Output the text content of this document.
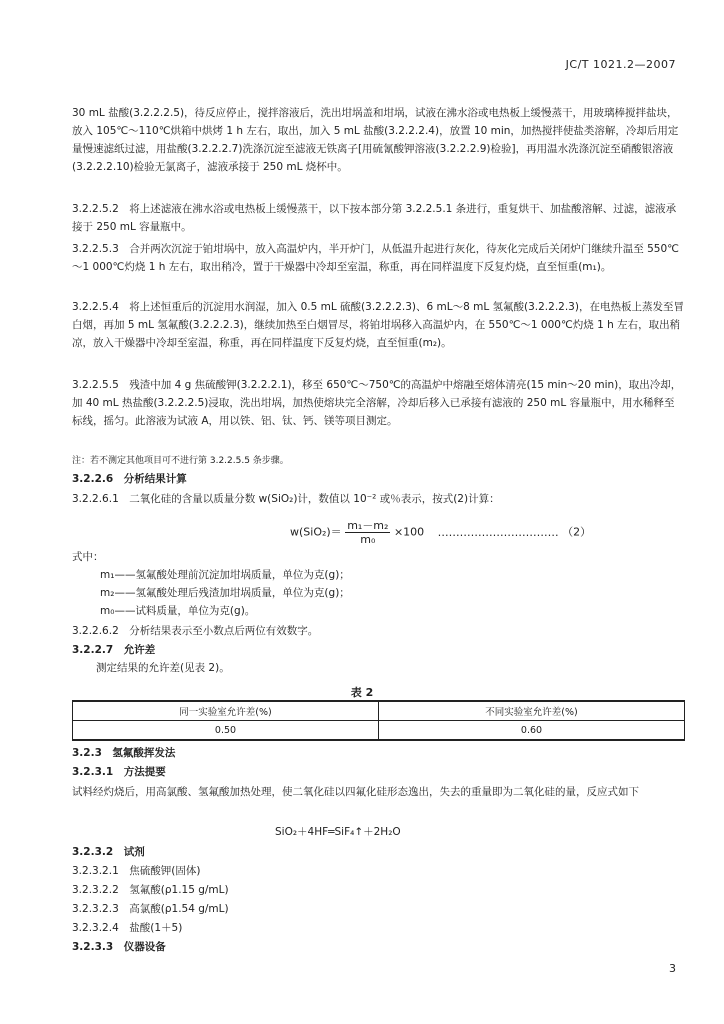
JC/T 1021.2—2007
30 mL 盐酸(3.2.2.2.5)，待反应停止，搅拌溶液后，洗出坩埚盖和坩埚，试液在沸水浴或电热板上缓慢蒸干，用玻璃棒搅拌盐块，放入 105℃～110℃烘箱中烘烤 1 h 左右，取出，加入 5 mL 盐酸(3.2.2.2.4)，放置 10 min，加热搅拌使盐类溶解，冷却后用定量慢速滤纸过滤，用盐酸(3.2.2.2.7)洗涤沉淀至滤液无铁离子[用硫氰酸钾溶液(3.2.2.2.9)检验]，再用温水洗涤沉淀至硝酸银溶液(3.2.2.2.10)检验无氯离子，滤液承接于 250 mL 烧杯中。
3.2.2.5.2　将上述滤液在沸水浴或电热板上缓慢蒸干，以下按本部分第 3.2.2.5.1 条进行，重复烘干、加盐酸溶解、过滤，滤液承接于 250 mL 容量瓶中。
3.2.2.5.3　合并两次沉淀于铂坩埚中，放入高温炉内，半开炉门，从低温升起进行灰化，待灰化完成后关闭炉门继续升温至 550℃～1 000℃灼烧 1 h 左右，取出稍冷，置于干燥器中冷却至室温，称重，再在同样温度下反复灼烧，直至恒重(m₁)。
3.2.2.5.4　将上述恒重后的沉淀用水润湿，加入 0.5 mL 硫酸(3.2.2.2.3)、6 mL～8 mL 氢氟酸(3.2.2.2.3)，在电热板上蒸发至冒白烟，再加 5 mL 氢氟酸(3.2.2.2.3)，继续加热至白烟冒尽，将铂坩埚移入高温炉内，在 550℃～1 000℃灼烧 1 h 左右，取出稍凉，放入干燥器中冷却至室温，称重，再在同样温度下反复灼烧，直至恒重(m₂)。
3.2.2.5.5　残渣中加 4 g 焦硫酸钾(3.2.2.2.1)，移至 650℃～750℃的高温炉中熔融至熔体清亮(15 min～20 min)，取出冷却，加 40 mL 热盐酸(3.2.2.2.5)浸取，洗出坩埚，加热使熔块完全溶解，冷却后移入已承接有滤液的 250 mL 容量瓶中，用水稀释至标线，摇匀。此溶液为试液 A，用以铁、铝、钛、钙、镁等项目测定。
注：若不测定其他项目可不进行第 3.2.2.5.5 条步骤。
3.2.2.6　分析结果计算
3.2.2.6.1　二氧化硅的含量以质量分数 w(SiO₂)计，数值以 10⁻² 或％表示，按式(2)计算：
$w(SiO_2)= \frac{\text{m₁－m₂}}{\text{m₀}} \times 100$ …………………………… （2）
式中：
m₁——氢氟酸处理前沉淀加坩埚质量，单位为克(g)；
m₂——氢氟酸处理后残渣加坩埚质量，单位为克(g)；
m₀——试料质量，单位为克(g)。
3.2.2.6.2　分析结果表示至小数点后两位有效数字。
3.2.2.7　允许差
测定结果的允许差(见表 2)。
表 2
同一实验室允许差(%)	不同实验室允许差(%)
0.50	0.60
3.2.3　氢氟酸挥发法
3.2.3.1　方法提要
试料经灼烧后，用高氯酸、氢氟酸加热处理，使二氧化硅以四氟化硅形态逸出，失去的重量即为二氧化硅的量，反应式如下
SiO₂＋4HF═SiF₄↑＋2H₂O
3.2.3.2　试剂
3.2.3.2.1　焦硫酸钾(固体)
3.2.3.2.2　氢氟酸(ρ1.15 g/mL)
3.2.3.2.3　高氯酸(ρ1.54 g/mL)
3.2.3.2.4　盐酸(1＋5)
3.2.3.3　仪器设备
3
